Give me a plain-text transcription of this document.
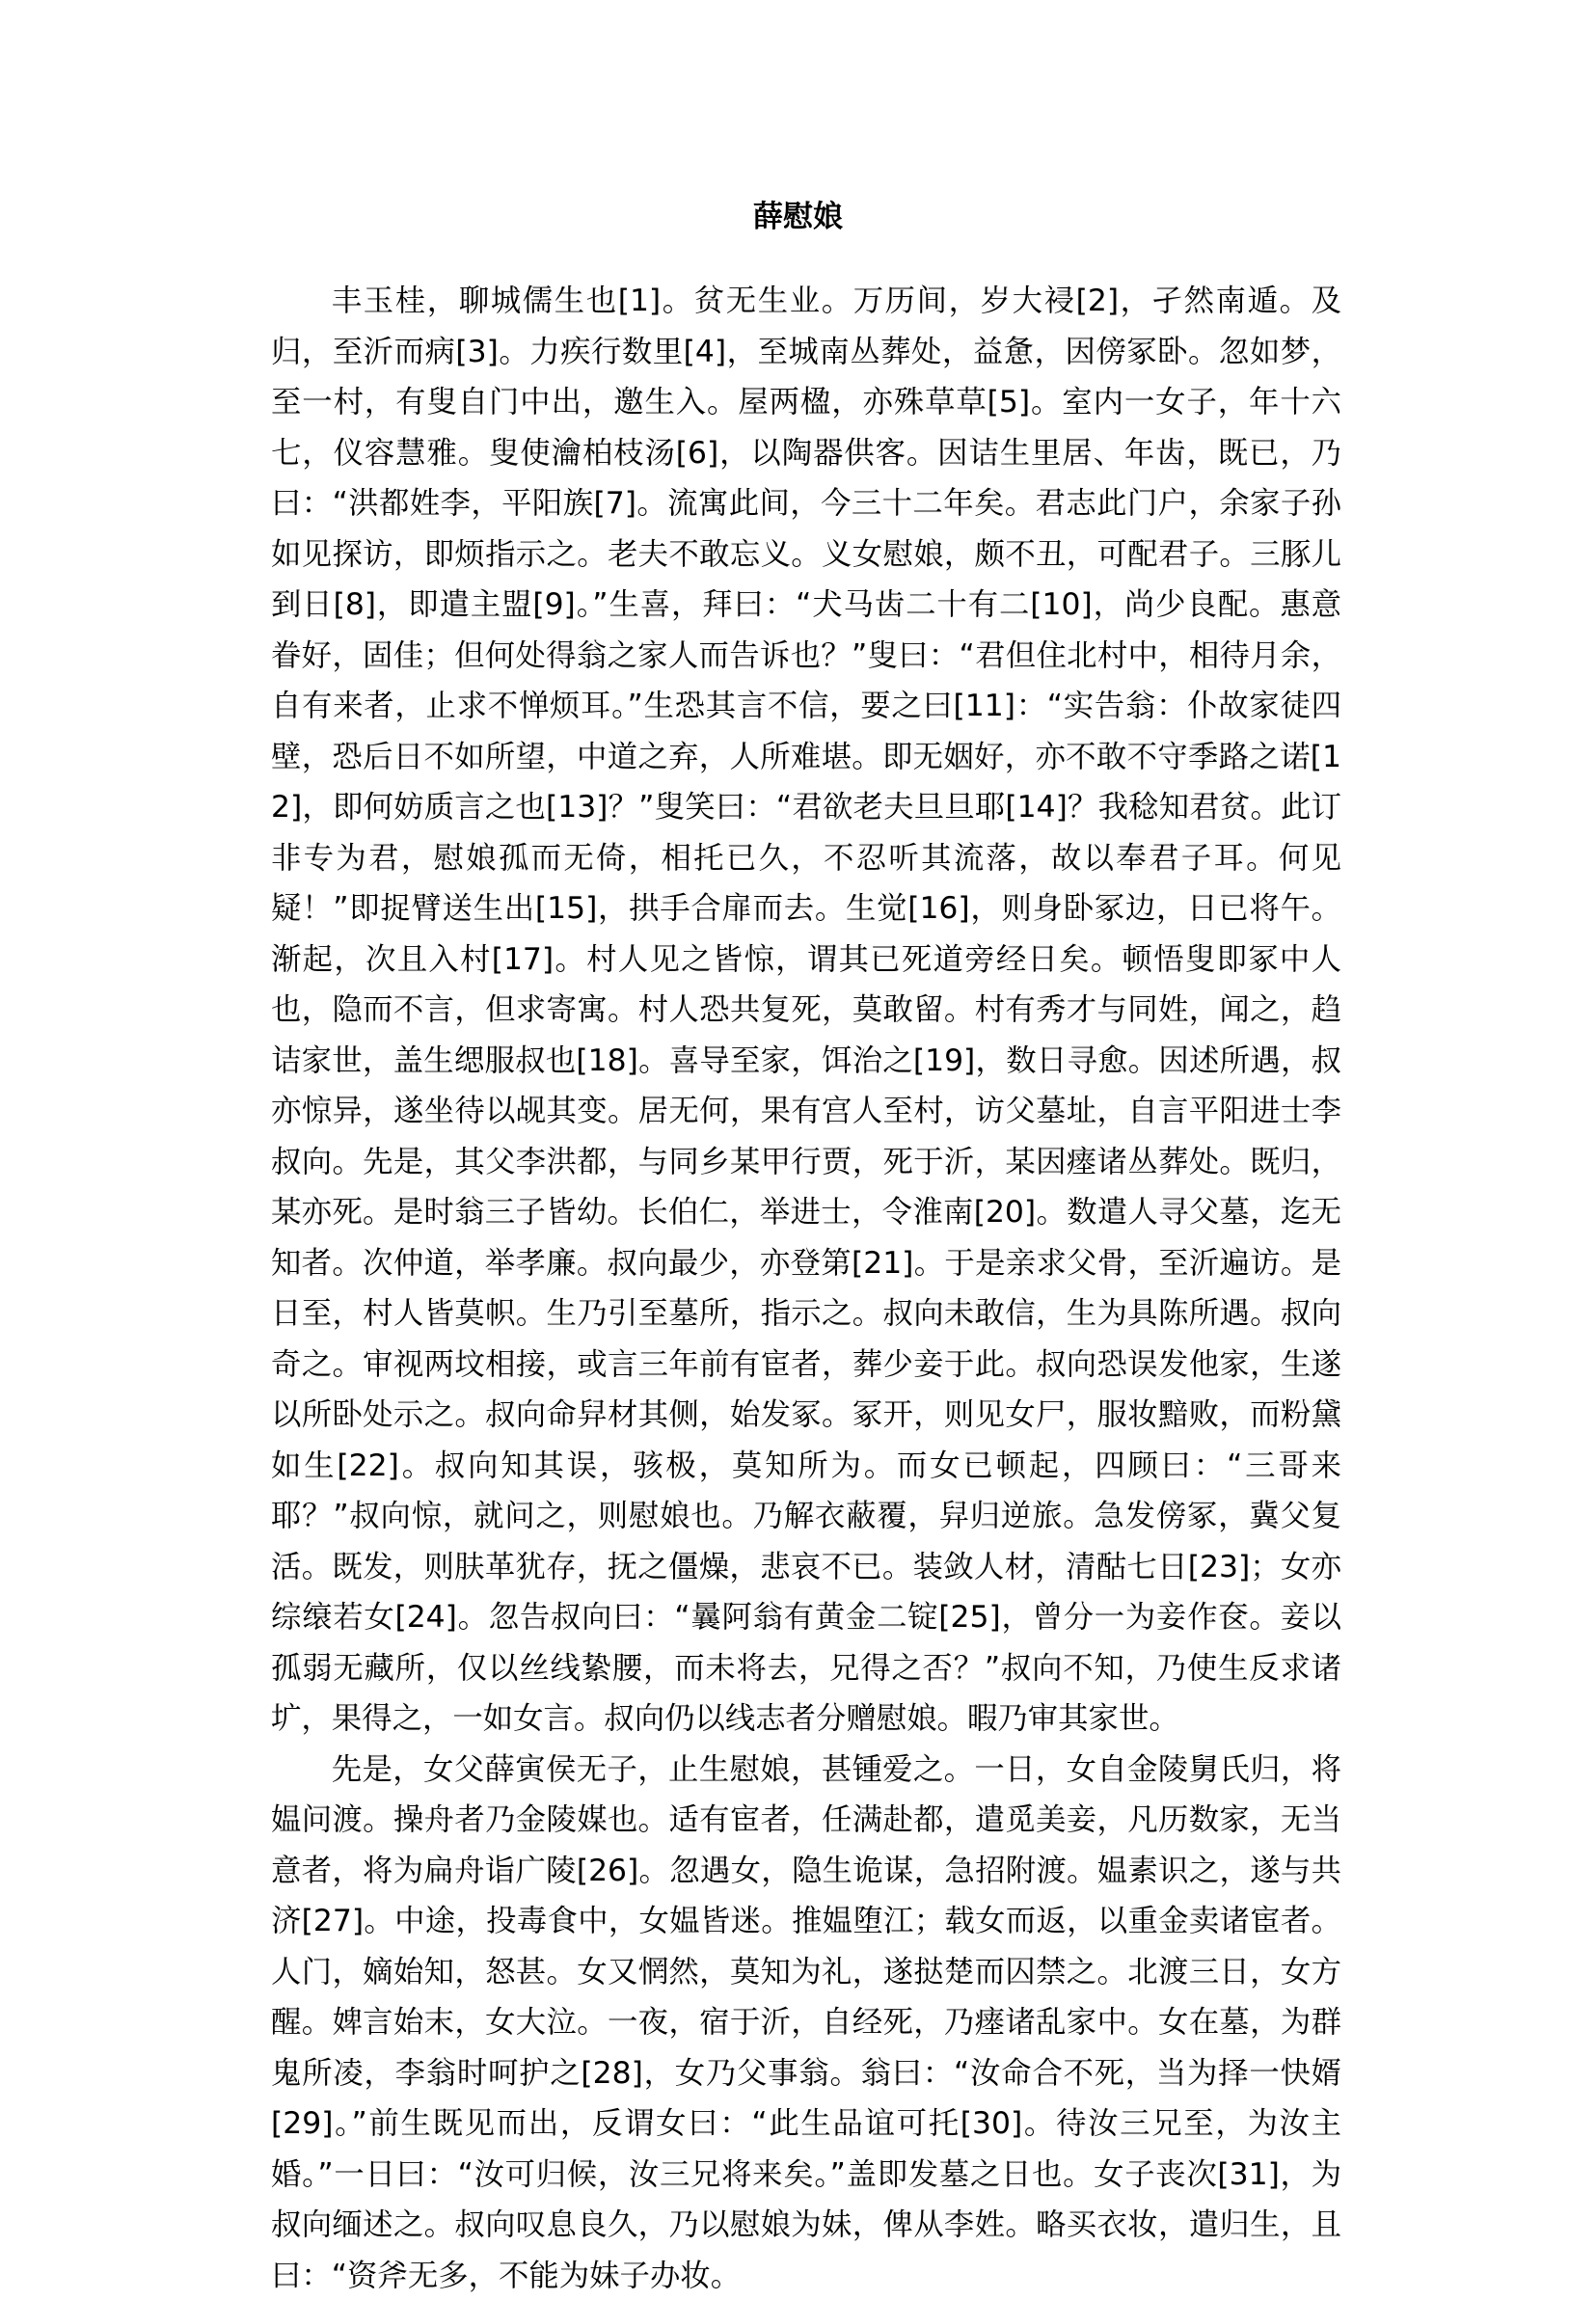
薛慰娘

丰玉桂，聊城儒生也[1]。贫无生业。万历间，岁大祲[2]，孑然南遁。及归，至沂而病[3]。力疾行数里[4]，至城南丛葬处，益惫，因傍冢卧。忽如梦，至一村，有叟自门中出，邀生入。屋两楹，亦殊草草[5]。室内一女子，年十六七，仪容慧雅。叟使瀹柏枝汤[6]，以陶器供客。因诘生里居、年齿，既已，乃曰：“洪都姓李，平阳族[7]。流寓此间，今三十二年矣。君志此门户，余家子孙如见探访，即烦指示之。老夫不敢忘义。义女慰娘，颇不丑，可配君子。三豚儿到日[8]，即遣主盟[9]。”生喜，拜曰：“犬马齿二十有二[10]，尚少良配。惠意眷好，固佳；但何处得翁之家人而告诉也？”叟曰：“君但住北村中，相待月余，自有来者，止求不惮烦耳。”生恐其言不信，要之曰[11]：“实告翁：仆故家徒四壁，恐后日不如所望，中道之弃，人所难堪。即无姻好，亦不敢不守季路之诺[12]，即何妨质言之也[13]？”叟笑曰：“君欲老夫旦旦耶[14]？我稔知君贫。此订非专为君，慰娘孤而无倚，相托已久，不忍听其流落，故以奉君子耳。何见疑！”即捉臂送生出[15]，拱手合扉而去。生觉[16]，则身卧冢边，日已将午。渐起，次且入村[17]。村人见之皆惊，谓其已死道旁经日矣。顿悟叟即冢中人也，隐而不言，但求寄寓。村人恐共复死，莫敢留。村有秀才与同姓，闻之，趋诘家世，盖生缌服叔也[18]。喜导至家，饵治之[19]，数日寻愈。因述所遇，叔亦惊异，遂坐待以觇其变。居无何，果有宫人至村，访父墓址，自言平阳进士李叔向。先是，其父李洪都，与同乡某甲行贾，死于沂，某因瘗诸丛葬处。既归，某亦死。是时翁三子皆幼。长伯仁，举进士，令淮南[20]。数遣人寻父墓，迄无知者。次仲道，举孝廉。叔向最少，亦登第[21]。于是亲求父骨，至沂遍访。是日至，村人皆莫帜。生乃引至墓所，指示之。叔向未敢信，生为具陈所遇。叔向奇之。审视两坟相接，或言三年前有宦者，葬少妾于此。叔向恐误发他家，生遂以所卧处示之。叔向命舁材其侧，始发冢。冢开，则见女尸，服妆黯败，而粉黛如生[22]。叔向知其误，骇极，莫知所为。而女已顿起，四顾曰：“三哥来耶？”叔向惊，就问之，则慰娘也。乃解衣蔽覆，舁归逆旅。急发傍冢，冀父复活。既发，则肤革犹存，抚之僵燥，悲哀不已。装敛人材，清酤七日[23]；女亦综缞若女[24]。忽告叔向曰：“曩阿翁有黄金二锭[25]，曾分一为妾作奁。妾以孤弱无藏所，仅以丝线絷腰，而未将去，兄得之否？”叔向不知，乃使生反求诸圹，果得之，一如女言。叔向仍以线志者分赠慰娘。暇乃审其家世。

先是，女父薛寅侯无子，止生慰娘，甚锺爱之。一日，女自金陵舅氏归，将媪问渡。操舟者乃金陵媒也。适有宦者，任满赴都，遣觅美妾，凡历数家，无当意者，将为扁舟诣广陵[26]。忽遇女，隐生诡谋，急招附渡。媪素识之，遂与共济[27]。中途，投毒食中，女媪皆迷。推媪堕江；载女而返，以重金卖诸宦者。人门，嫡始知，怒甚。女又惘然，莫知为礼，遂挞楚而囚禁之。北渡三日，女方醒。婢言始末，女大泣。一夜，宿于沂，自经死，乃瘗诸乱家中。女在墓，为群鬼所凌，李翁时呵护之[28]，女乃父事翁。翁曰：“汝命合不死，当为择一快婿[29]。”前生既见而出，反谓女曰：“此生品谊可托[30]。待汝三兄至，为汝主婚。”一日曰：“汝可归候，汝三兄将来矣。”盖即发墓之日也。女子丧次[31]，为叔向缅述之。叔向叹息良久，乃以慰娘为妹，俾从李姓。略买衣妆，遣归生，且曰：“资斧无多，不能为妹子办妆。
